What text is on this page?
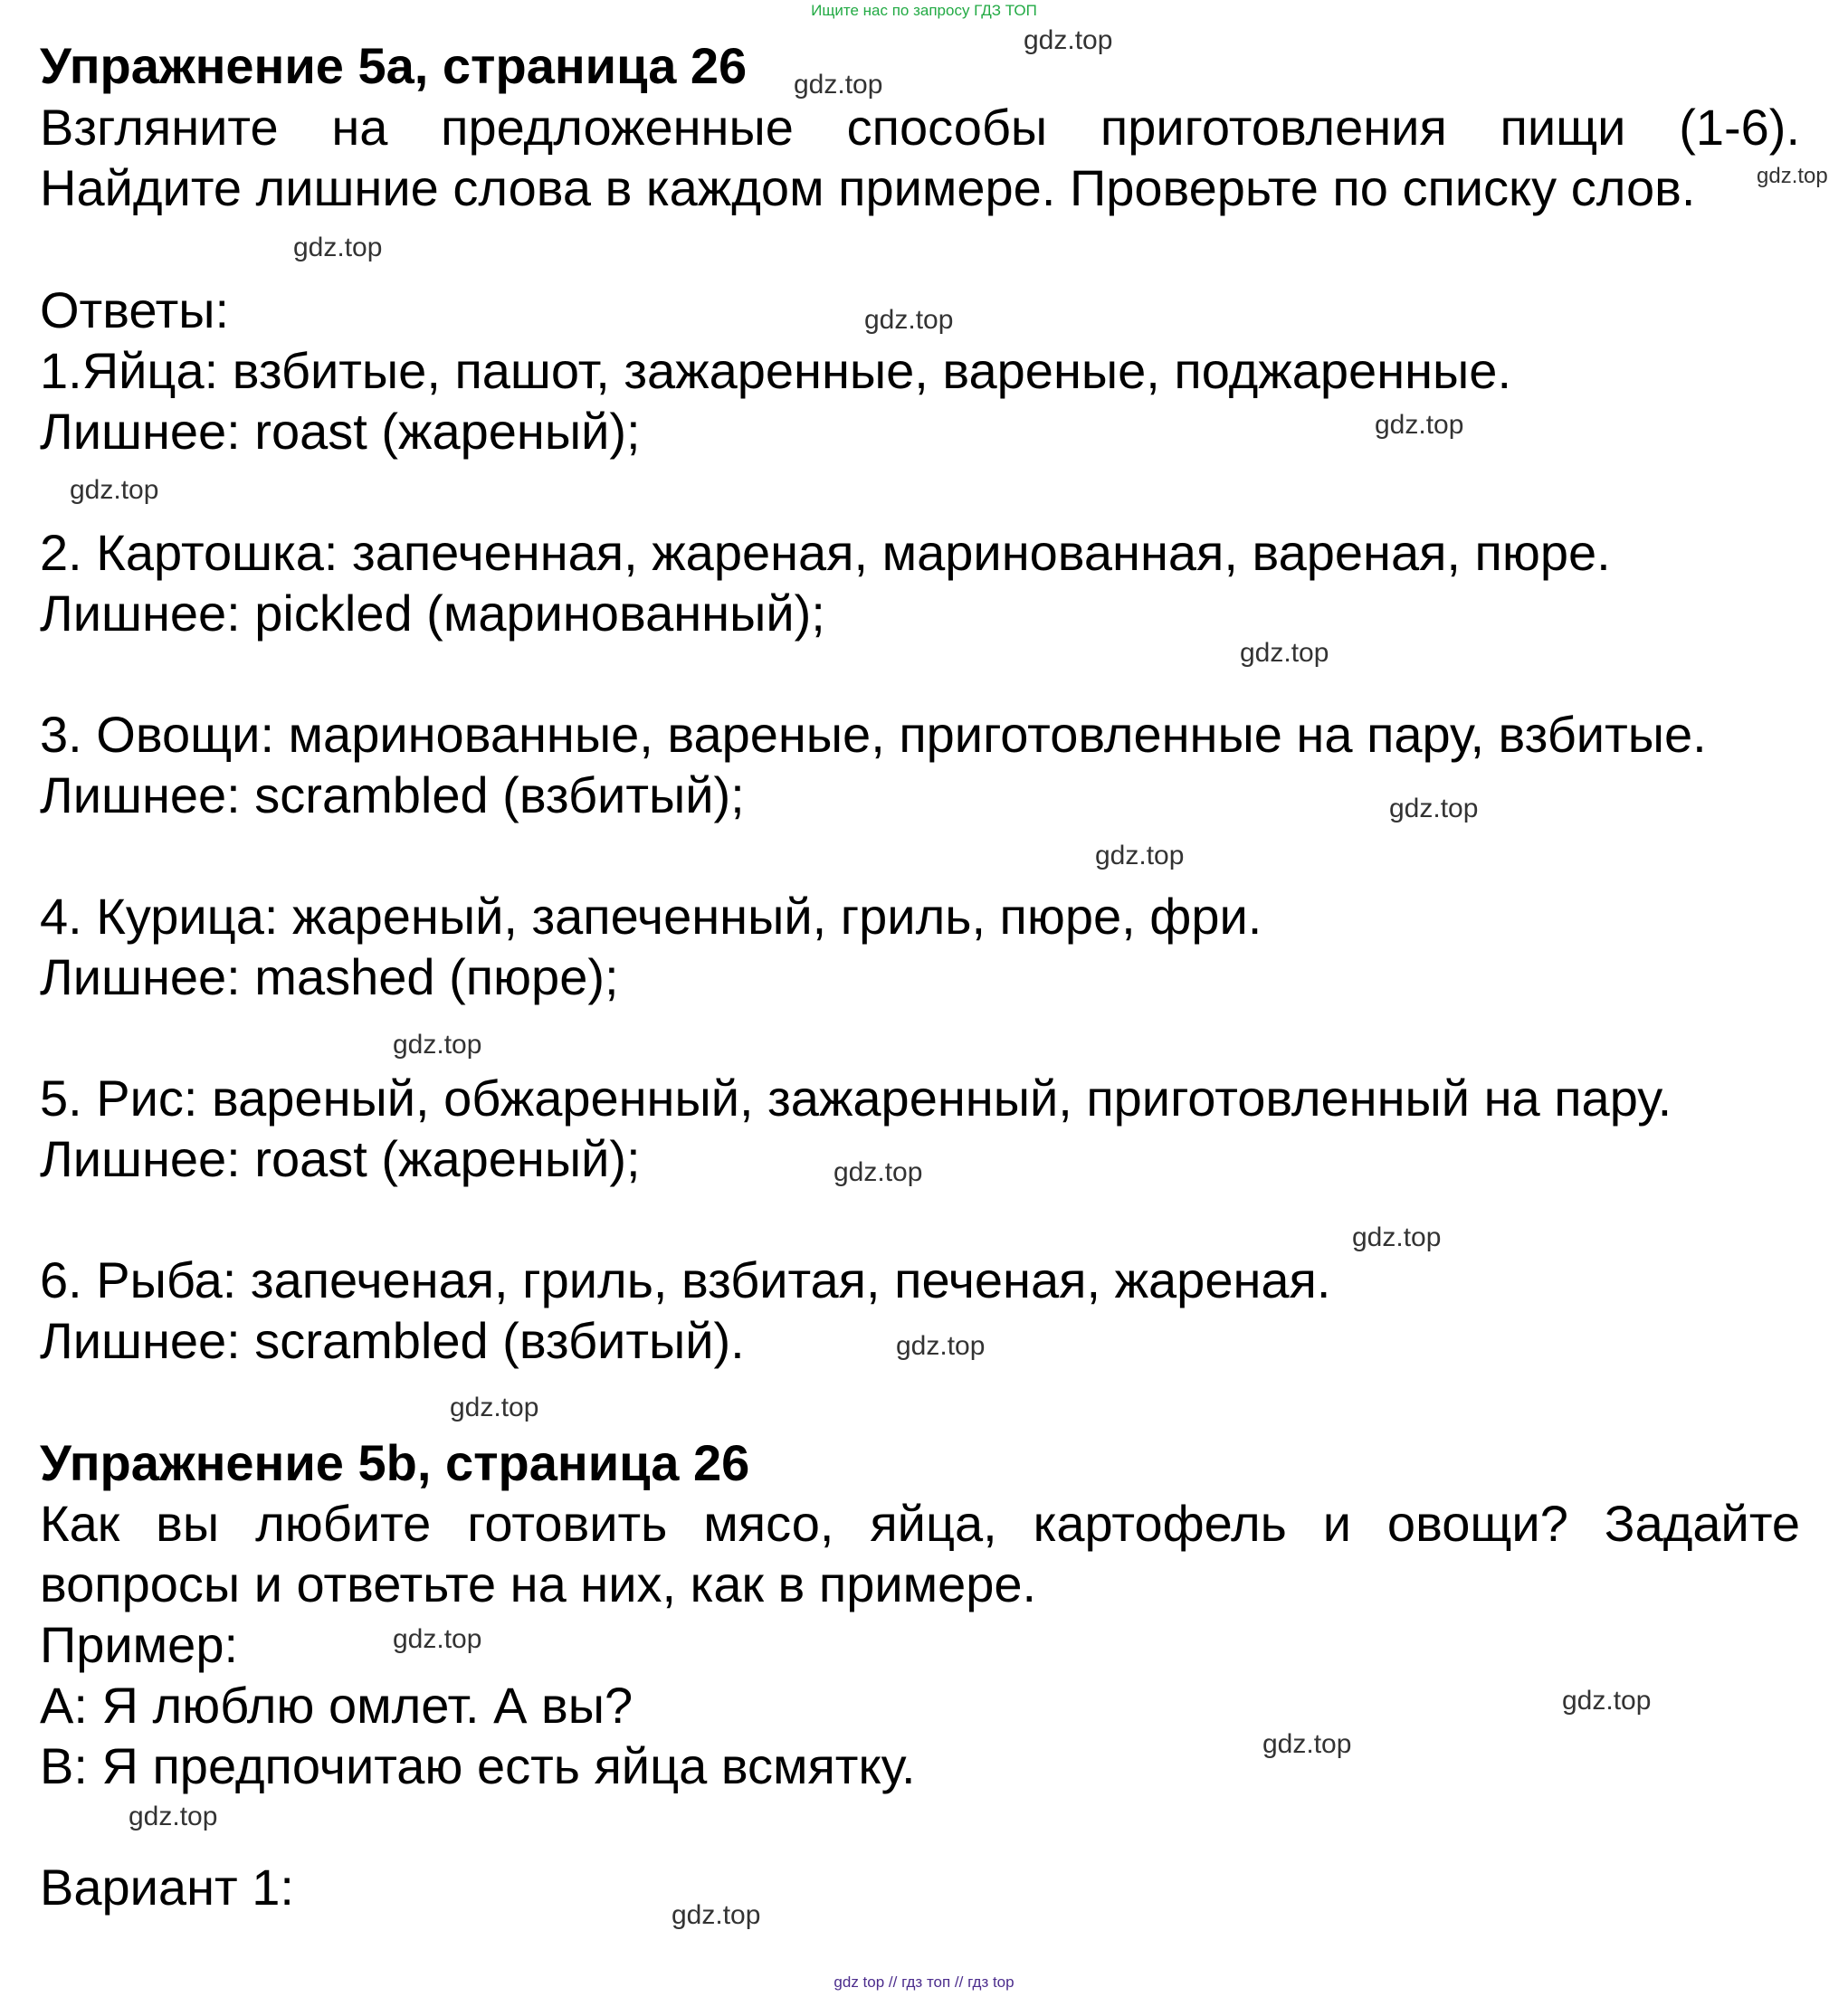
Ищите нас по запросу ГДЗ ТОП
Упражнение 5a, страница 26
Взгляните на предложенные способы приготовления пищи (1-6).
Найдите лишние слова в каждом примере. Проверьте по списку слов.
Ответы:
1.Яйца: взбитые, пашот, зажаренные, вареные, поджаренные.
Лишнее: roast (жареный);
2. Картошка: запеченная, жареная, маринованная, вареная, пюре.
Лишнее: pickled (маринованный);
3. Овощи: маринованные, вареные, приготовленные на пару, взбитые.
Лишнее: scrambled (взбитый);
4. Курица: жареный, запеченный, гриль, пюре, фри.
Лишнее: mashed (пюре);
5. Рис: вареный, обжаренный, зажаренный, приготовленный на пару.
Лишнее: roast (жареный);
6. Рыба: запеченая, гриль, взбитая, печеная, жареная.
Лишнее: scrambled (взбитый).
Упражнение 5b, страница 26
Как вы любите готовить мясо, яйца, картофель и овощи? Задайте
вопросы и ответьте на них, как в примере.
Пример:
A: Я люблю омлет. А вы?
B: Я предпочитаю есть яйца всмятку.
Вариант 1:
gdz.top
gdz.top
gdz.top
gdz.top
gdz.top
gdz.top
gdz.top
gdz.top
gdz.top
gdz.top
gdz.top
gdz.top
gdz.top
gdz.top
gdz.top
gdz.top
gdz.top
gdz.top
gdz.top
gdz.top
gdz top // гдз топ // гдз top
